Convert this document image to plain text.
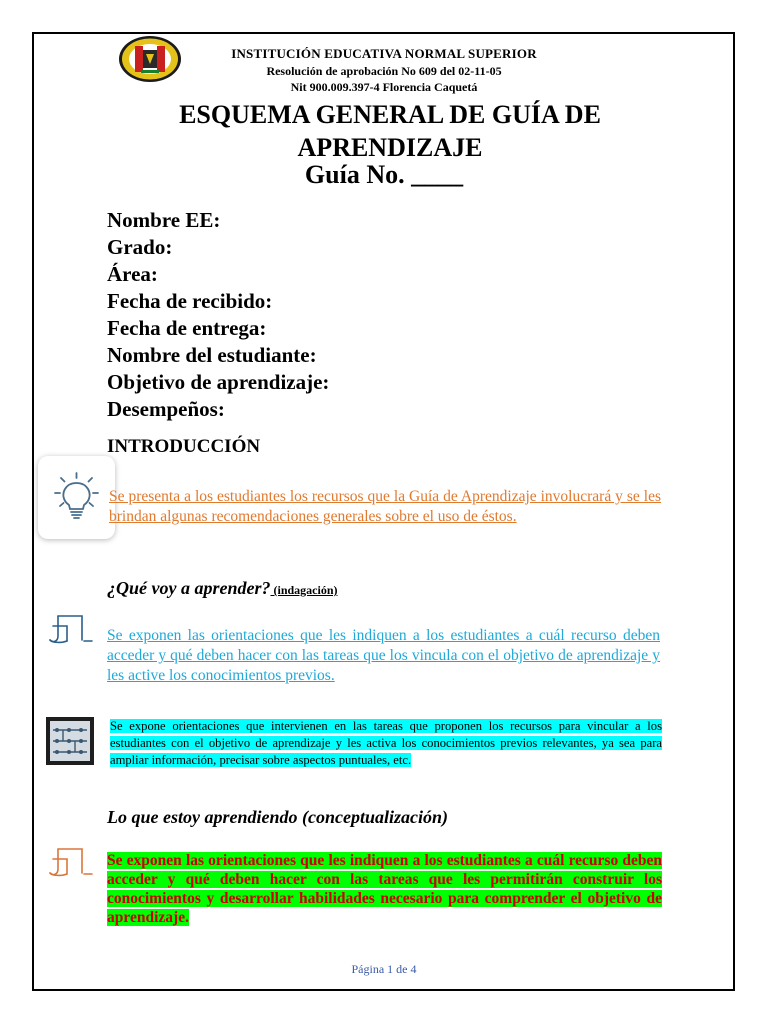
INSTITUCIÓN EDUCATIVA NORMAL SUPERIOR
Resolución de aprobación No 609 del 02-11-05
Nit 900.009.397-4 Florencia Caquetá
ESQUEMA GENERAL DE GUÍA DE
APRENDIZAJE
Guía No. ____
Nombre EE:
Grado:
Área:
Fecha de recibido:
Fecha de entrega:
Nombre del estudiante:
Objetivo de aprendizaje:
Desempeños:
INTRODUCCIÓN
Se presenta a los estudiantes los recursos que la Guía de Aprendizaje involucrará y se les brindan algunas recomendaciones generales sobre el uso de éstos.
¿Qué voy a aprender? (indagación)
Se exponen las orientaciones que les indiquen a los estudiantes a cuál recurso deben acceder y qué deben hacer con las tareas que los vincula con el objetivo de aprendizaje y les active los conocimientos previos.
Se expone orientaciones que intervienen en las tareas que proponen los recursos para vincular a los estudiantes con el objetivo de aprendizaje y les activa los conocimientos previos relevantes, ya sea para ampliar información, precisar sobre aspectos puntuales, etc.
Lo que estoy aprendiendo (conceptualización)
Se exponen las orientaciones que les indiquen a los estudiantes a cuál recurso deben acceder y qué deben hacer con las tareas que les permitirán construir los conocimientos y desarrollar habilidades necesario para comprender el objetivo de aprendizaje.
Página 1 de 4
